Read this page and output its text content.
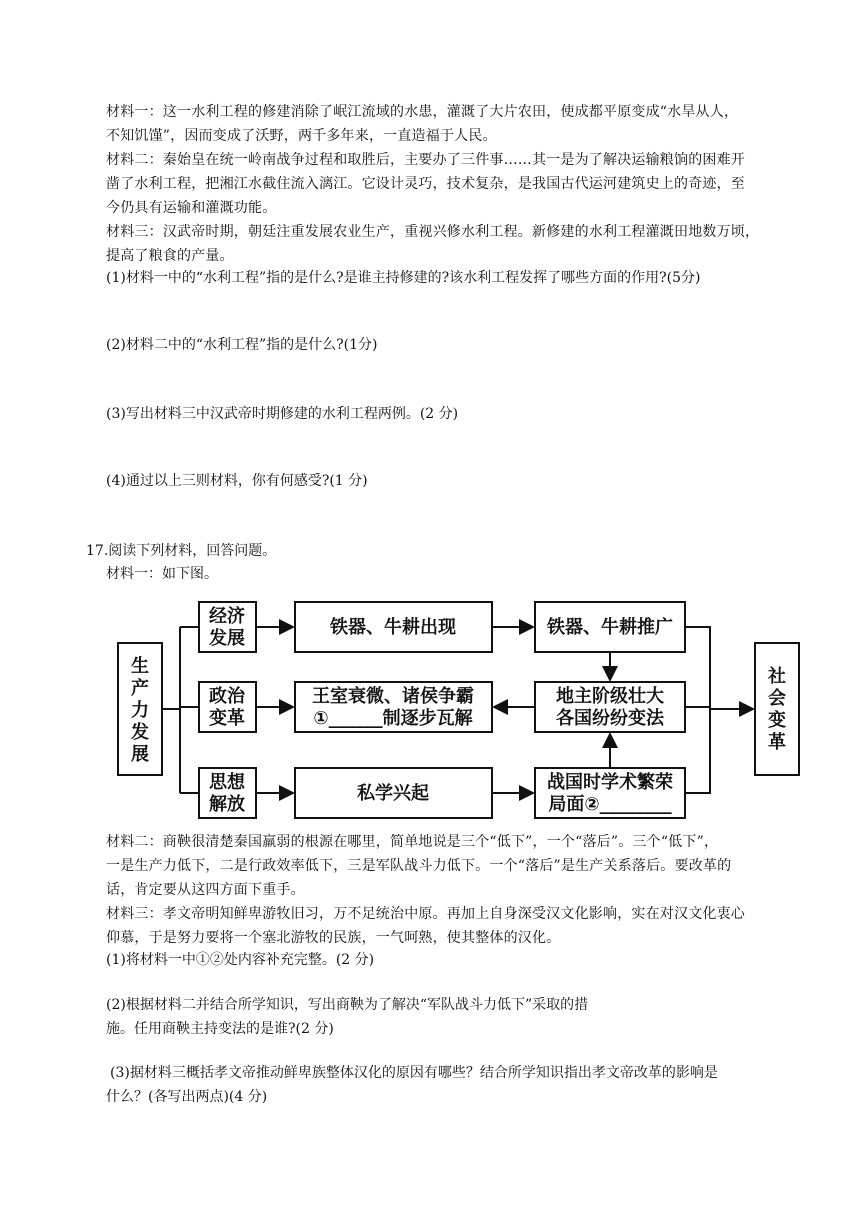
材料一：这一水利工程的修建消除了岷江流域的水患，灌溉了大片农田，使成都平原变成“水旱从人，
不知饥馑”，因而变成了沃野，两千多年来，一直造福于人民。
材料二：秦始皇在统一岭南战争过程和取胜后，主要办了三件事……其一是为了解决运输粮饷的困难开
凿了水利工程，把湘江水截住流入漓江。它设计灵巧，技术复杂，是我国古代运河建筑史上的奇迹，至
今仍具有运输和灌溉功能。
材料三：汉武帝时期，朝廷注重发展农业生产，重视兴修水利工程。新修建的水利工程灌溉田地数万顷，
提高了粮食的产量。
(1)材料一中的“水利工程”指的是什么?是谁主持修建的?该水利工程发挥了哪些方面的作用?(5分)
(2)材料二中的“水利工程”指的是什么?(1分)
(3)写出材料三中汉武帝时期修建的水利工程两例。(2 分)
(4)通过以上三则材料，你有何感受?(1 分)
17.阅读下列材料，回答问题。
材料一：如下图。
生
产
力
发
展
社
会
变
革
经济
发展
政治
变革
思想
解放
铁器、牛耕出现
王室衰微、诸侯争霸
①______制逐步瓦解
私学兴起
铁器、牛耕推广
地主阶级壮大
各国纷纷变法
战国时学术繁荣
局面②________
材料二：商鞅很清楚秦国羸弱的根源在哪里，简单地说是三个“低下”，一个“落后”。三个“低下”，
一是生产力低下，二是行政效率低下，三是军队战斗力低下。一个“落后”是生产关系落后。要改革的
话，肯定要从这四方面下重手。
材料三：孝文帝明知鲜卑游牧旧习，万不足统治中原。再加上自身深受汉文化影响，实在对汉文化衷心
仰慕，于是努力要将一个塞北游牧的民族，一气呵熟，使其整体的汉化。
(1)将材料一中①②处内容补充完整。(2 分)
(2)根据材料二并结合所学知识，写出商鞅为了解决“军队战斗力低下”采取的措
施。任用商鞅主持变法的是谁?(2 分)
(3)据材料三概括孝文帝推动鲜卑族整体汉化的原因有哪些？结合所学知识指出孝文帝改革的影响是
什么？(各写出两点)(4 分)
